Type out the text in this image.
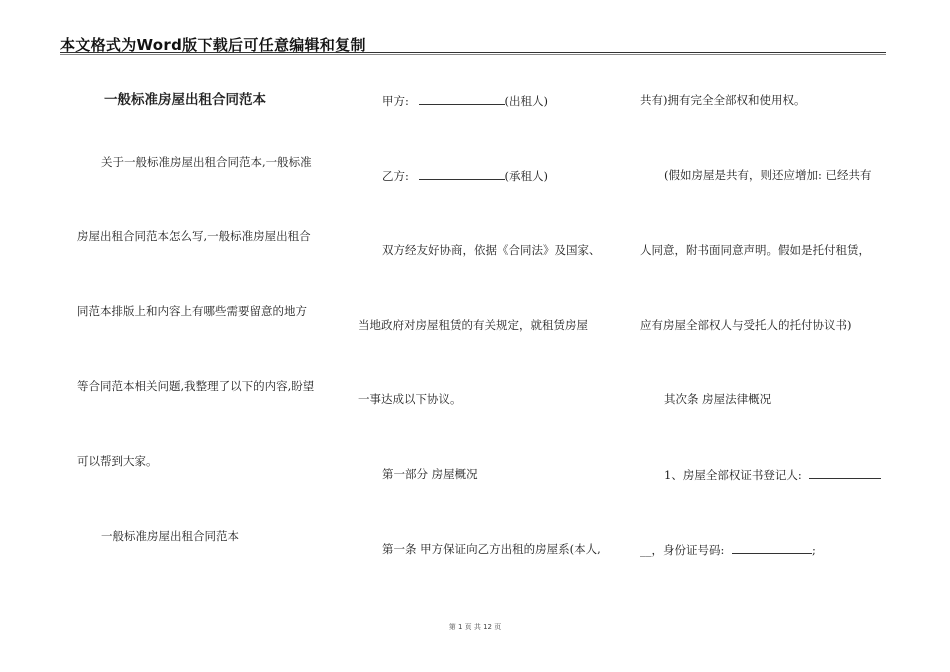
本文格式为Word版下载后可任意编辑和复制
一般标准房屋出租合同范本
关于一般标准房屋出租合同范本,一般标准
房屋出租合同范本怎么写,一般标准房屋出租合
同范本排版上和内容上有哪些需要留意的地方
等合同范本相关问题,我整理了以下的内容,盼望
可以帮到大家。
一般标准房屋出租合同范本
甲方:	(出租人)
乙方:	(承租人)
双方经友好协商，依据《合同法》及国家、
当地政府对房屋租赁的有关规定，就租赁房屋
一事达成以下协议。
第一部分 房屋概况
第一条 甲方保证向乙方出租的房屋系(本人,
共有)拥有完全全部权和使用权。
(假如房屋是共有，则还应增加: 已经共有
人同意，附书面同意声明。假如是托付租赁，
应有房屋全部权人与受托人的托付协议书)
其次条 房屋法律概况
1、房屋全部权证书登记人:
__，身份证号码:	;
第 1 页 共 12 页
